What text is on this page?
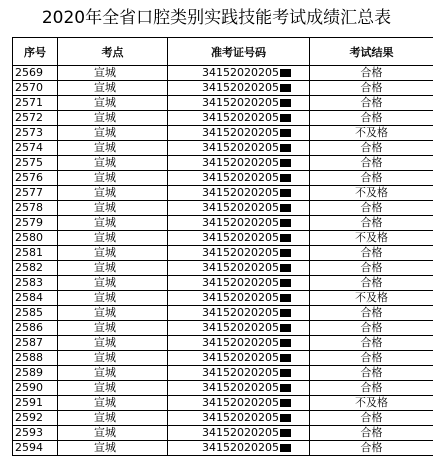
2020年全省口腔类别实践技能考试成绩汇总表
序号	考点	准考证号码	考试结果
2569	宣城	34152020205	合格
2570	宣城	34152020205	合格
2571	宣城	34152020205	合格
2572	宣城	34152020205	合格
2573	宣城	34152020205	不及格
2574	宣城	34152020205	合格
2575	宣城	34152020205	合格
2576	宣城	34152020205	合格
2577	宣城	34152020205	不及格
2578	宣城	34152020205	合格
2579	宣城	34152020205	合格
2580	宣城	34152020205	不及格
2581	宣城	34152020205	合格
2582	宣城	34152020205	合格
2583	宣城	34152020205	合格
2584	宣城	34152020205	不及格
2585	宣城	34152020205	合格
2586	宣城	34152020205	合格
2587	宣城	34152020205	合格
2588	宣城	34152020205	合格
2589	宣城	34152020205	合格
2590	宣城	34152020205	合格
2591	宣城	34152020205	不及格
2592	宣城	34152020205	合格
2593	宣城	34152020205	合格
2594	宣城	34152020205	合格
